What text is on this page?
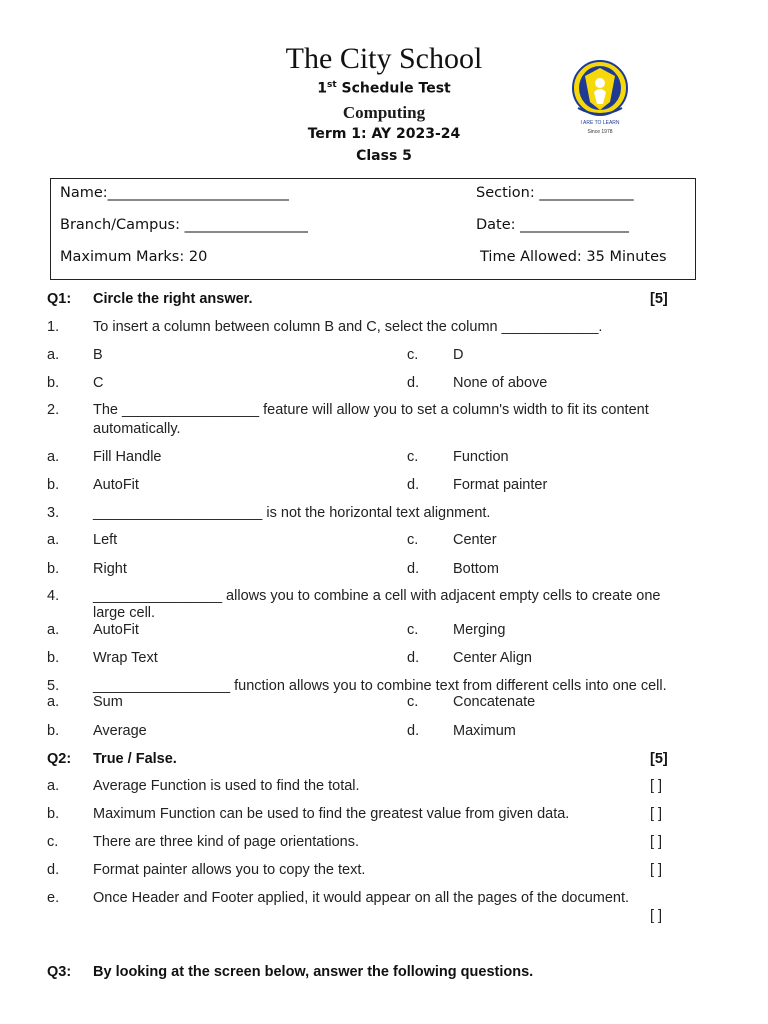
The City School
1st Schedule Test
Computing
Term 1: AY 2023-24
Class 5
I ARE TO LEARN
Since 1978
Name:_________________________	Section: _____________
Branch/Campus: _________________	Date: _______________
Maximum Marks: 20	Time Allowed: 35 Minutes
Q1: Circle the right answer.	[5]
1. To insert a column between column B and C, select the column ____________.
a. B	c. D
b. C	d. None of above
2. The _________________ feature will allow you to set a column's width to fit its content
automatically.
a. Fill Handle	c. Function
b. AutoFit	d. Format painter
3. _____________________ is not the horizontal text alignment.
a. Left	c. Center
b. Right	d. Bottom
4. ________________ allows you to combine a cell with adjacent empty cells to create one
large cell.
a. AutoFit	c. Merging
b. Wrap Text	d. Center Align
5. _________________ function allows you to combine text from different cells into one cell.
a. Sum	c. Concatenate
b. Average	d. Maximum
Q2: True / False.	[5]
a. Average Function is used to find the total.	[ ]
b. Maximum Function can be used to find the greatest value from given data.	[ ]
c. There are three kind of page orientations.	[ ]
d. Format painter allows you to copy the text.	[ ]
e. Once Header and Footer applied, it would appear on all the pages of the document.
[ ]
Q3: By looking at the screen below, answer the following questions.
